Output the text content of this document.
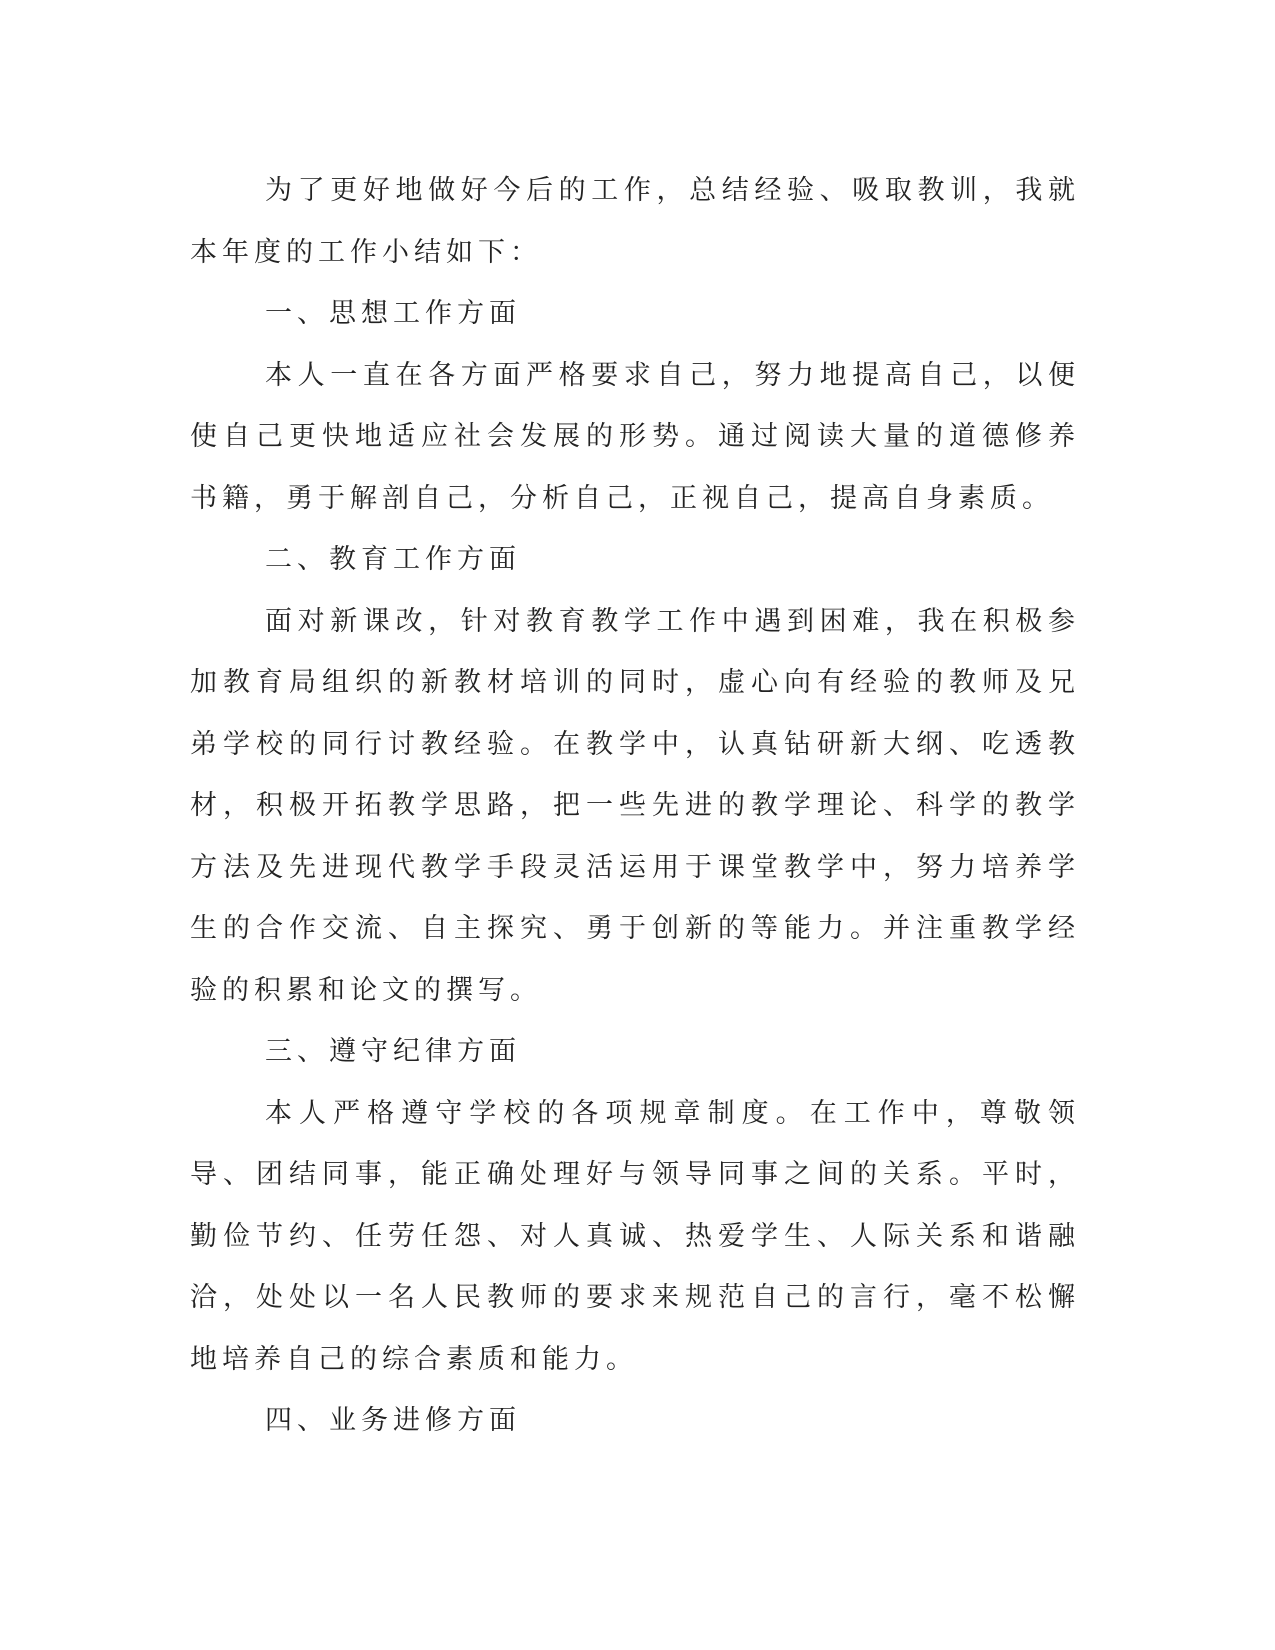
为了更好地做好今后的工作，总结经验、吸取教训，我就本年度的工作小结如下：

一、思想工作方面

本人一直在各方面严格要求自己，努力地提高自己，以便使自己更快地适应社会发展的形势。通过阅读大量的道德修养书籍，勇于解剖自己，分析自己，正视自己，提高自身素质。

二、教育工作方面

面对新课改，针对教育教学工作中遇到困难，我在积极参加教育局组织的新教材培训的同时，虚心向有经验的教师及兄弟学校的同行讨教经验。在教学中，认真钻研新大纲、吃透教材，积极开拓教学思路，把一些先进的教学理论、科学的教学方法及先进现代教学手段灵活运用于课堂教学中，努力培养学生的合作交流、自主探究、勇于创新的等能力。并注重教学经验的积累和论文的撰写。

三、遵守纪律方面

本人严格遵守学校的各项规章制度。在工作中，尊敬领导、团结同事，能正确处理好与领导同事之间的关系。平时，勤俭节约、任劳任怨、对人真诚、热爱学生、人际关系和谐融洽，处处以一名人民教师的要求来规范自己的言行，毫不松懈地培养自己的综合素质和能力。

四、业务进修方面
